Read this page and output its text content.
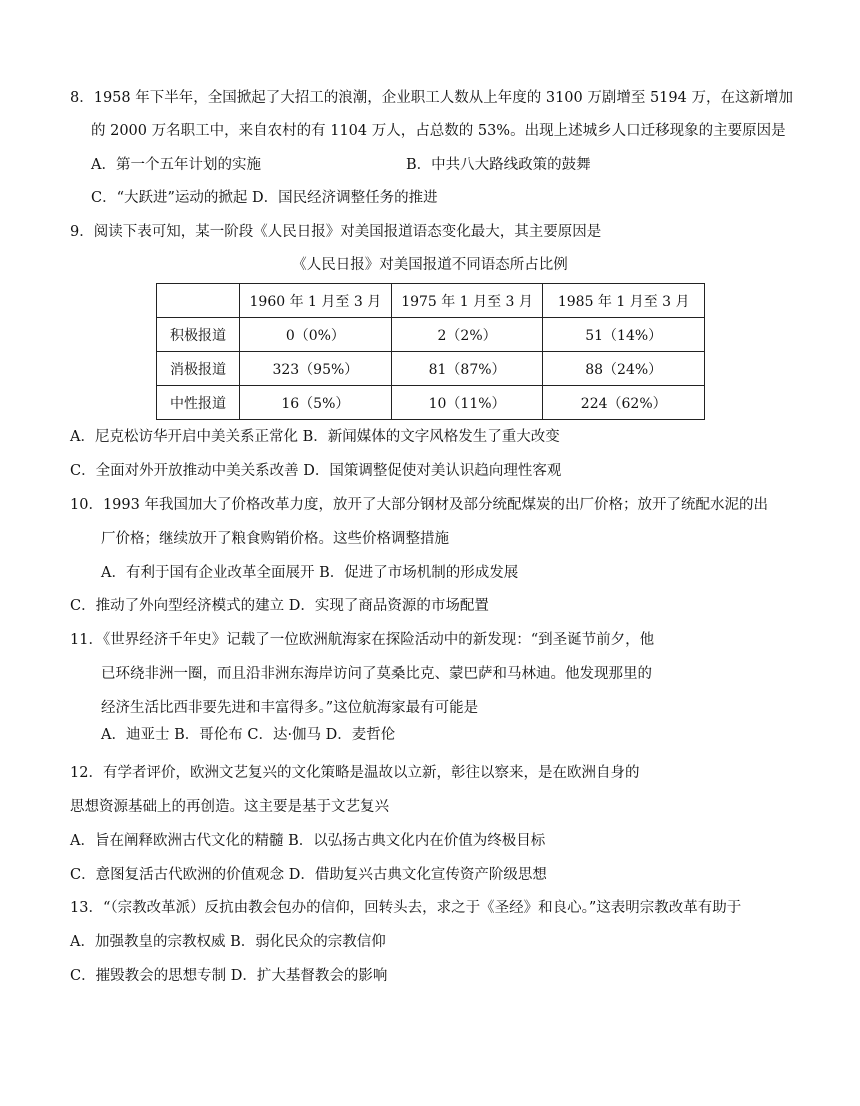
8．1958 年下半年，全国掀起了大招工的浪潮，企业职工人数从上年度的 3100 万剧增至 5194 万，在这新增加
的 2000 万名职工中，来自农村的有 1104 万人，占总数的 53%。出现上述城乡人口迁移现象的主要原因是
A．第一个五年计划的实施	B．中共八大路线政策的鼓舞
C．“大跃进”运动的掀起 D．国民经济调整任务的推进
9．阅读下表可知，某一阶段《人民日报》对美国报道语态变化最大，其主要原因是
《人民日报》对美国报道不同语态所占比例
	1960 年 1 月至 3 月	1975 年 1 月至 3 月	1985 年 1 月至 3 月
积极报道	0（0%）	2（2%）	51（14%）
消极报道	323（95%）	81（87%）	88（24%）
中性报道	16（5%）	10（11%）	224（62%）
A．尼克松访华开启中美关系正常化 B．新闻媒体的文字风格发生了重大改变
C．全面对外开放推动中美关系改善 D．国策调整促使对美认识趋向理性客观
10．1993 年我国加大了价格改革力度，放开了大部分钢材及部分统配煤炭的出厂价格；放开了统配水泥的出
厂价格；继续放开了粮食购销价格。这些价格调整措施
A．有利于国有企业改革全面展开 B．促进了市场机制的形成发展
C．推动了外向型经济模式的建立 D．实现了商品资源的市场配置
11．《世界经济千年史》记载了一位欧洲航海家在探险活动中的新发现：“到圣诞节前夕，他
已环绕非洲一圈，而且沿非洲东海岸访问了莫桑比克、蒙巴萨和马林迪。他发现那里的
经济生活比西非要先进和丰富得多。”这位航海家最有可能是
A．迪亚士 B．哥伦布 C．达·伽马 D．麦哲伦
12．有学者评价，欧洲文艺复兴的文化策略是温故以立新，彰往以察来，是在欧洲自身的
思想资源基础上的再创造。这主要是基于文艺复兴
A．旨在阐释欧洲古代文化的精髓 B．以弘扬古典文化内在价值为终极目标
C．意图复活古代欧洲的价值观念 D．借助复兴古典文化宣传资产阶级思想
13．“（宗教改革派）反抗由教会包办的信仰，回转头去，求之于《圣经》和良心。”这表明宗教改革有助于
A．加强教皇的宗教权威 B．弱化民众的宗教信仰
C．摧毁教会的思想专制 D．扩大基督教会的影响
